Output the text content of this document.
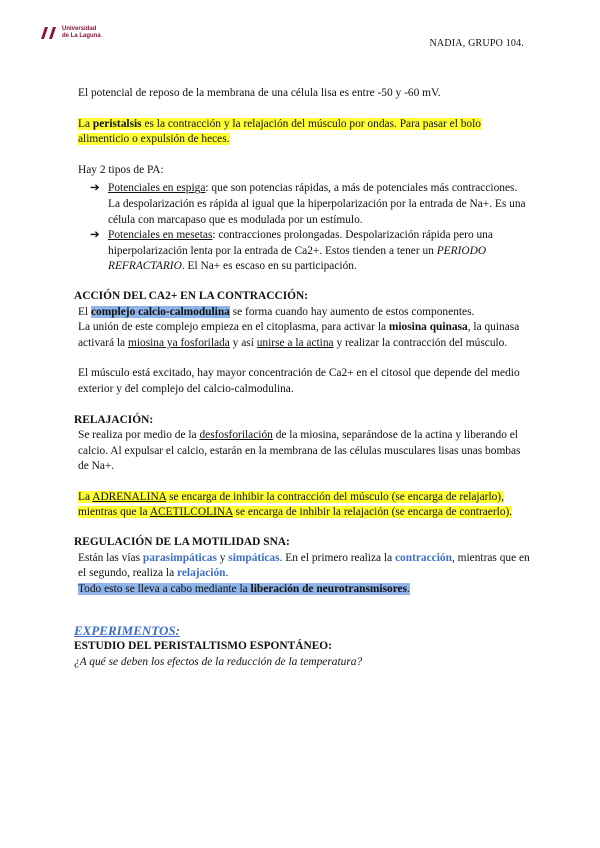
Universidad
de La Laguna
NADIA, GRUPO 104.

El potencial de reposo de la membrana de una célula lisa es entre -50 y -60 mV.

La peristalsis es la contracción y la relajación del músculo por ondas. Para pasar el bolo alimenticio o expulsión de heces.

Hay 2 tipos de PA:

➔ Potenciales en espiga: que son potencias rápidas, a más de potenciales más contracciones. La despolarización es rápida al igual que la hiperpolarización por la entrada de Na+. Es una célula con marcapaso que es modulada por un estímulo.
➔ Potenciales en mesetas: contracciones prolongadas. Despolarización rápida pero una hiperpolarización lenta por la entrada de Ca2+. Estos tienden a tener un PERIODO REFRACTARIO. El Na+ es escaso en su participación.

ACCIÓN DEL CA2+ EN LA CONTRACCIÓN:

El complejo calcio-calmodulina se forma cuando hay aumento de estos componentes.

La unión de este complejo empieza en el citoplasma, para activar la miosina quinasa, la quinasa activará la miosina ya fosforilada y así unirse a la actina y realizar la contracción del músculo.

El músculo está excitado, hay mayor concentración de Ca2+ en el citosol que depende del medio exterior y del complejo del calcio-calmodulina.

RELAJACIÓN:

Se realiza por medio de la desfosforilación de la miosina, separándose de la actina y liberando el calcio. Al expulsar el calcio, estarán en la membrana de las células musculares lisas unas bombas de Na+.

La ADRENALINA se encarga de inhibir la contracción del músculo (se encarga de relajarlo), mientras que la ACETILCOLINA se encarga de inhibir la relajación (se encarga de contraerlo).

REGULACIÓN DE LA MOTILIDAD SNA:

Están las vías parasimpáticas y simpáticas. En el primero realiza la contracción, mientras que en el segundo, realiza la relajación.

Todo esto se lleva a cabo mediante la liberación de neurotransmisores.

EXPERIMENTOS:

ESTUDIO DEL PERISTALTISMO ESPONTÁNEO:

¿A qué se deben los efectos de la reducción de la temperatura?
